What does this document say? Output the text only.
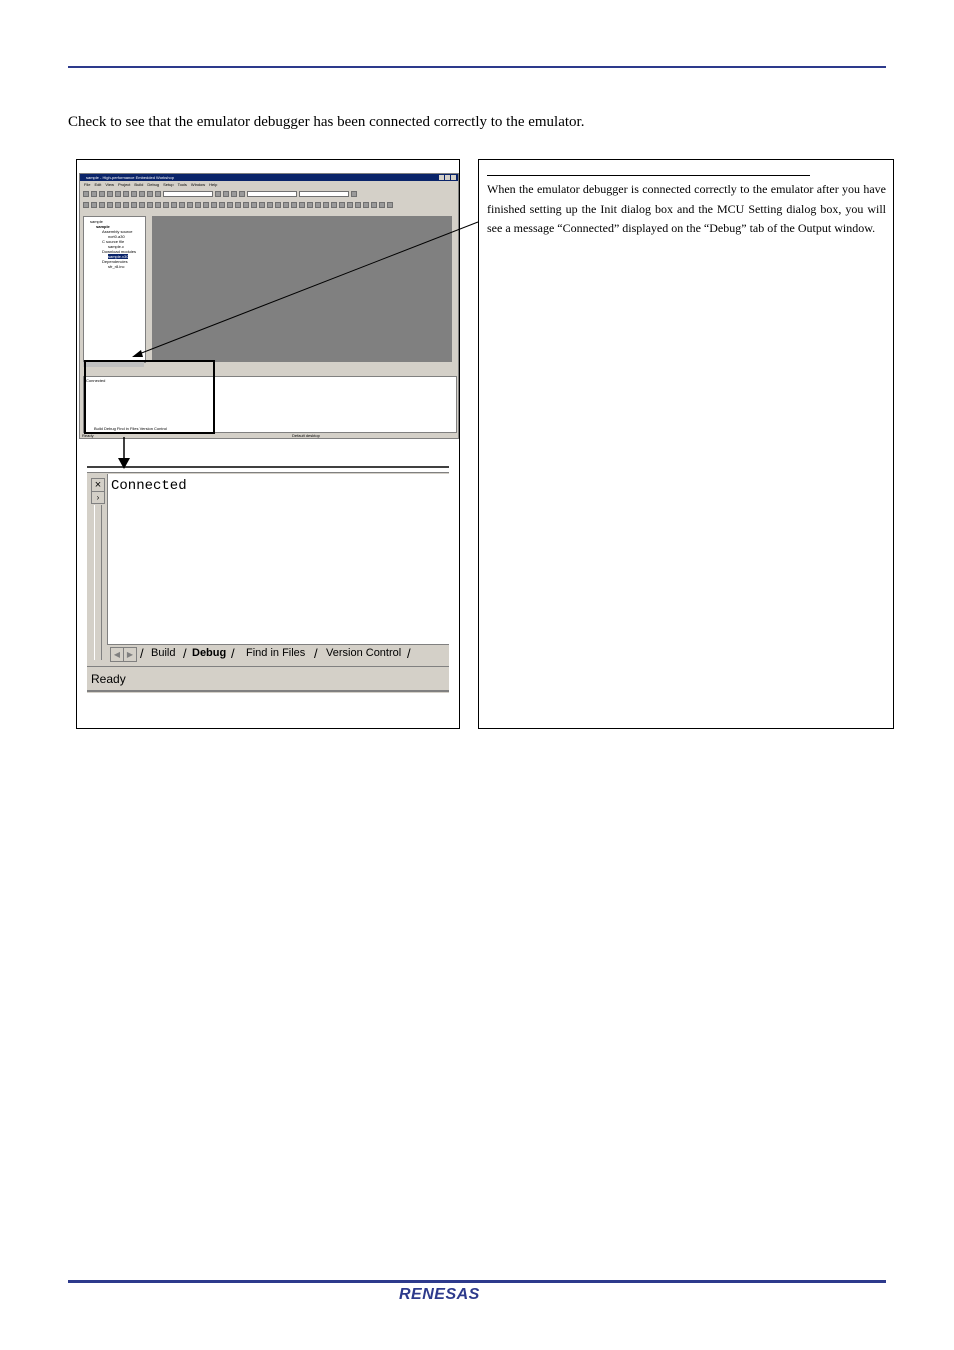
Check to see that the emulator debugger has been connected correctly to the emulator.
sample - High-performance Embedded Workshop
File Edit View Project Build Debug Setup Tools Window Help
sample
sample
Assembly source
ncrt0.a30
C source file
sample.c
Download modules
sample.x30
Dependencies
sfr_r8.inc
Connected
Build Debug Find in Files Version Control
Ready	Default desktop
×
›
Connected
◀ ▶ / Build / Debug / Find in Files / Version Control /
Ready
When the emulator debugger is connected correctly to the emulator after you have finished setting up the Init dialog box and the MCU Setting dialog box, you will see a message “Connected” displayed on the “Debug” tab of the Output window.
RENESAS
